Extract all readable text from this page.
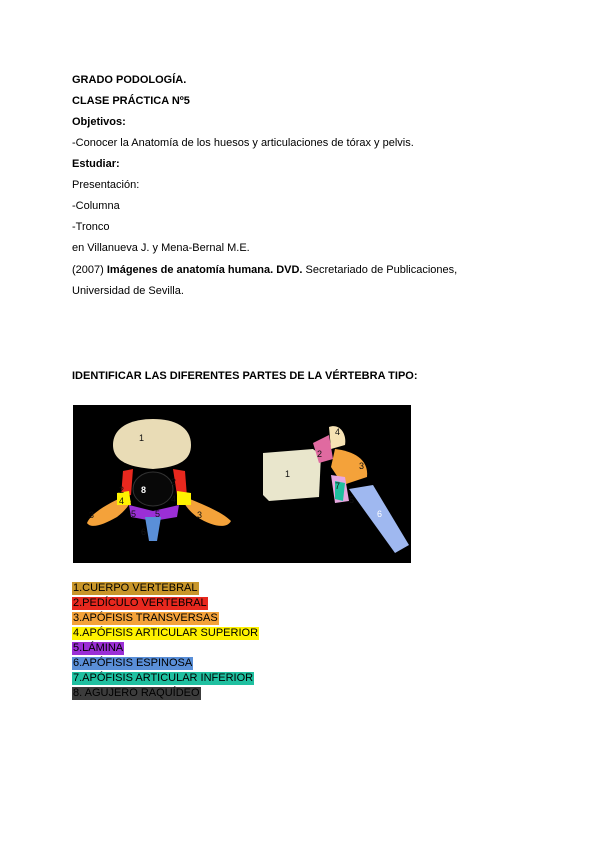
GRADO PODOLOGÍA.
CLASE PRÁCTICA Nº5
Objetivos:
-Conocer la Anatomía de los huesos y articulaciones de tórax y pelvis.
Estudiar:
Presentación:
-Columna
-Tronco
en Villanueva J. y Mena-Bernal M.E.
(2007) Imágenes de anatomía humana. DVD. Secretariado de Publicaciones,
Universidad de Sevilla.
IDENTIFICAR LAS DIFERENTES PARTES DE LA VÉRTEBRA TIPO:
1
2
2
3	3
4	4
5 5
6
8
1
2
3
4
5
6
7
1.CUERPO VERTEBRAL
2.PEDÍCULO VERTEBRAL
3.APÓFISIS TRANSVERSAS
4.APÓFISIS ARTICULAR SUPERIOR
5.LÁMINA
6.APÓFISIS ESPINOSA
7.APÓFISIS ARTICULAR INFERIOR
8. AGUJERO RAQUÍDEO
